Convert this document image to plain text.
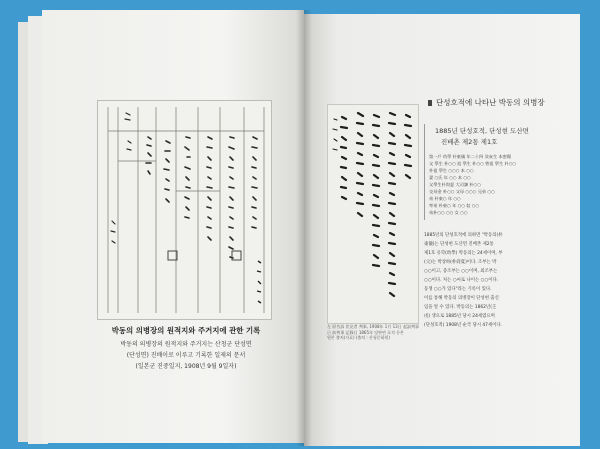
박동의 의병장의 원적지와 주거지에 관한 기록
박동의 의병장의 원적지와 주거지는 산청군 단성면
(단성면) 진배이로 이루고 기록한 일제의 문서
(일본군 진중일지, 1908년 9월 9일자)
左 原告訴 伏見者 判事, 1908年 1月 13日 起訴判事
日 前判事 記錄日 1865年 당판면 호적 등본
원본 출처(자료) (출처 : 산청문화원)
단성호적에 나타난 박동의 의병장
1885년 단성호적, 단성현 도산면
진배촌 제2통 제1호
第一戶 幼學 朴東儀 年二十四 癸亥生 本密陽
父 學生 朴○○ 祖 學生 朴○○ 曾祖 學生 朴○○
外祖 學生 ○○○ 本 ○○
妻 ○氏 年 ○○ 本 ○○
父學生朴尙夏 大司諫 朴○○
交母金 朴○○ 父母 ○○○ 兄弟 ○○
弟 朴東○ 年 ○○
率弟 朴東○ 年 ○○ 奴 ○○
弟朴○○ ○○ 女 ○○
1885년의 단성호적에 의하면 "박동의(朴
東儀)는 단성현 도산면 진배촌 제2통
제1호 유학(幼學) 박동의는 24세이며, 부
(父)는 박상하(朴尙夏)이다. 조부는 박
○○이고, 증조부는 ○○이며, 외조부는
○○이다. 처는 ○씨로 나이는 ○○이다.
동생 ○○가 있다"라는 기록이 있다.
이를 통해 박동의 의병장이 단성현 출신
임을 알 수 있다. 박동의는 1862년(壬
戌) 생으로 1885년 당시 24세였으며
(단성호적) 1908년 순국 당시 47세이다.
